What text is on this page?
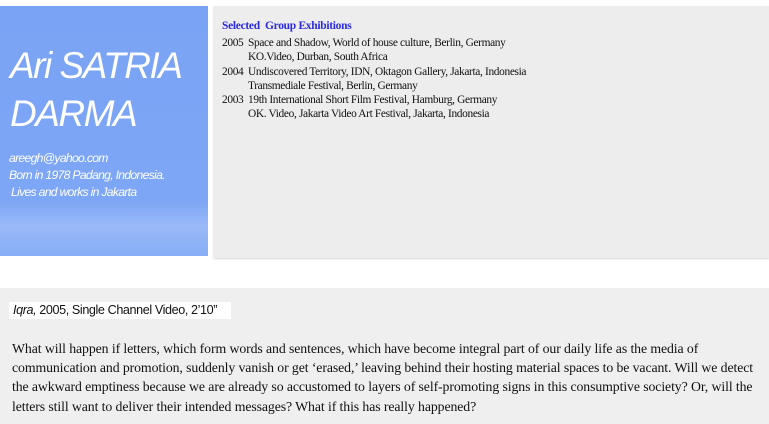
Ari SATRIA
DARMA
areegh@yahoo.com
Born in 1978 Padang, Indonesia.
Lives and works in Jakarta
Selected  Group Exhibitions
2005 Space and Shadow, World of house culture, Berlin, Germany
KO.Video, Durban, South Africa
2004 Undiscovered Territory, IDN, Oktagon Gallery, Jakarta, Indonesia
Transmediale Festival, Berlin, Germany
2003 19th International Short Film Festival, Hamburg, Germany
OK. Video, Jakarta Video Art Festival, Jakarta, Indonesia
Iqra, 2005, Single Channel Video, 2’10”
What will happen if letters, which form words and sentences, which have become integral part of our daily life as the media of communication and promotion, suddenly vanish or get ‘erased,’ leaving behind their hosting material spaces to be vacant. Will we detect the awkward emptiness because we are already so accustomed to layers of self-promoting signs in this consumptive society? Or, will the letters still want to deliver their intended messages? What if this has really happened?
